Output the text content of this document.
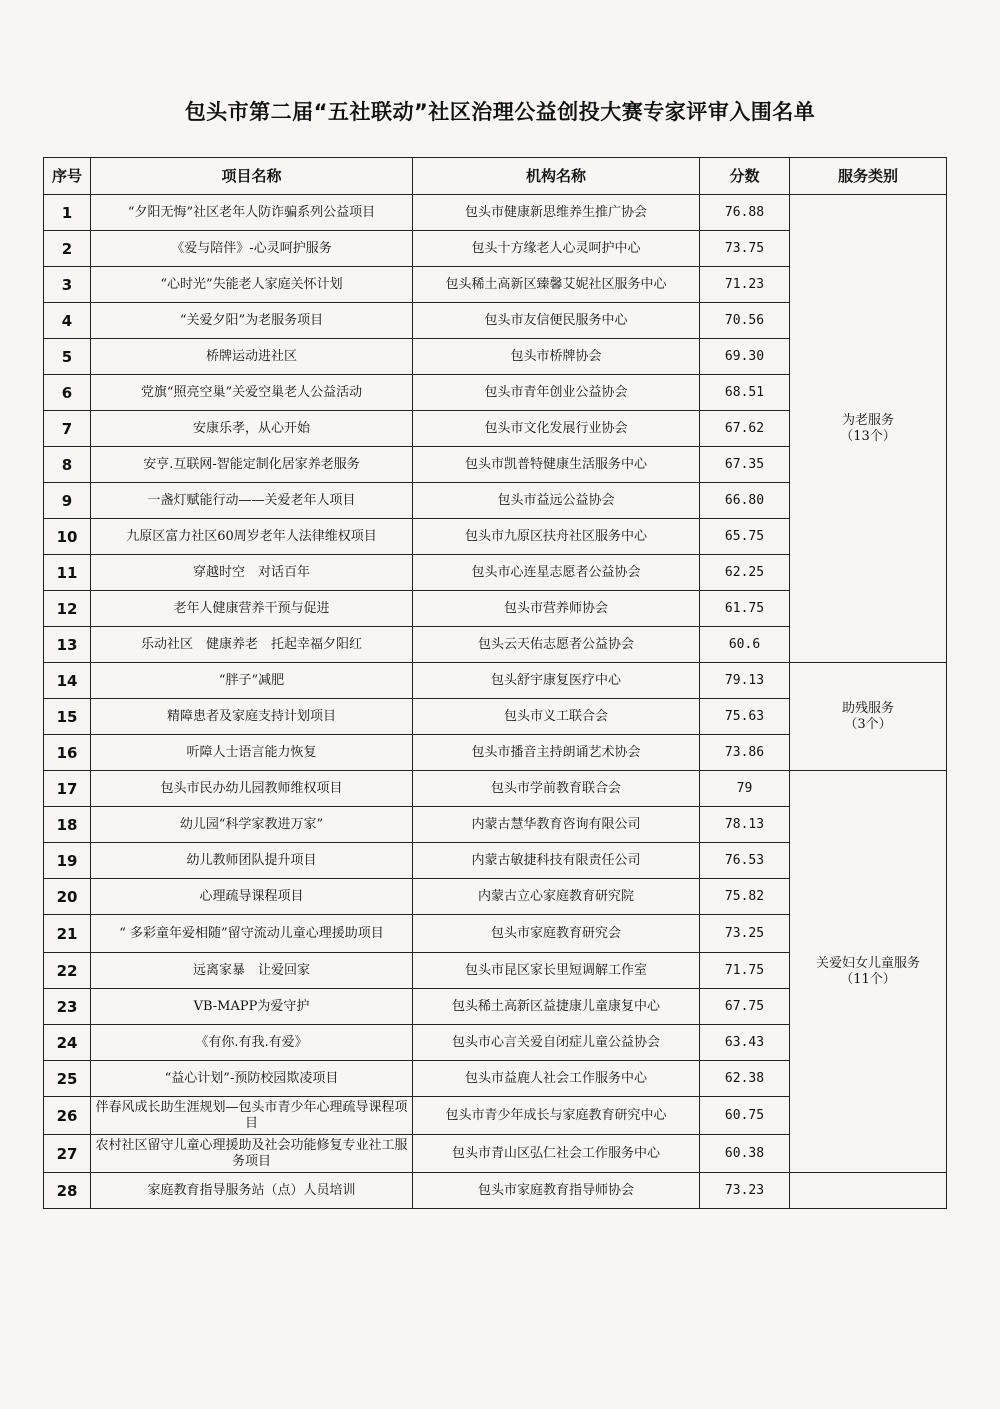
包头市第二届“五社联动”社区治理公益创投大赛专家评审入围名单
序号	项目名称	机构名称	分数	服务类别
1	“夕阳无悔”社区老年人防诈骗系列公益项目	包头市健康新思维养生推广协会	76.88	为老服务
（13个）
2	《爱与陪伴》-心灵呵护服务	包头十方缘老人心灵呵护中心	73.75	
3	“心时光”失能老人家庭关怀计划	包头稀土高新区臻馨艾妮社区服务中心	71.23	
4	“关爱夕阳”为老服务项目	包头市友信便民服务中心	70.56	
5	桥牌运动进社区	包头市桥牌协会	69.30	
6	党旗“照亮空巢”关爱空巢老人公益活动	包头市青年创业公益协会	68.51	
7	安康乐孝，从心开始	包头市文化发展行业协会	67.62	
8	安亨.互联网-智能定制化居家养老服务	包头市凯普特健康生活服务中心	67.35	
9	一盏灯赋能行动——关爱老年人项目	包头市益远公益协会	66.80	
10	九原区富力社区60周岁老年人法律维权项目	包头市九原区扶舟社区服务中心	65.75	
11	穿越时空　对话百年	包头市心连星志愿者公益协会	62.25	
12	老年人健康营养干预与促进	包头市营养师协会	61.75	
13	乐动社区　健康养老　托起幸福夕阳红	包头云天佑志愿者公益协会	60.6	
14	“胖子”减肥	包头舒宇康复医疗中心	79.13	助残服务
（3个）
15	精障患者及家庭支持计划项目	包头市义工联合会	75.63	
16	听障人士语言能力恢复	包头市播音主持朗诵艺术协会	73.86	
17	包头市民办幼儿园教师维权项目	包头市学前教育联合会	79	关爱妇女儿童服务
（11个）
18	幼儿园“科学家教进万家”	内蒙古慧华教育咨询有限公司	78.13	
19	幼儿教师团队提升项目	内蒙古敏捷科技有限责任公司	76.53	
20	心理疏导课程项目	内蒙古立心家庭教育研究院	75.82	
21	“ 多彩童年爱相随”留守流动儿童心理援助项目	包头市家庭教育研究会	73.25	
22	远离家暴　让爱回家	包头市昆区家长里短调解工作室	71.75	
23	VB-MAPP为爱守护	包头稀土高新区益捷康儿童康复中心	67.75	
24	《有你.有我.有爱》	包头市心言关爱自闭症儿童公益协会	63.43	
25	“益心计划”-预防校园欺凌项目	包头市益鹿人社会工作服务中心	62.38	
26	伴春风成长助生涯规划—包头市青少年心理疏导课程项目	包头市青少年成长与家庭教育研究中心	60.75	
27	农村社区留守儿童心理援助及社会功能修复专业社工服务项目	包头市青山区弘仁社会工作服务中心	60.38	
28	家庭教育指导服务站（点）人员培训	包头市家庭教育指导师协会	73.23	
